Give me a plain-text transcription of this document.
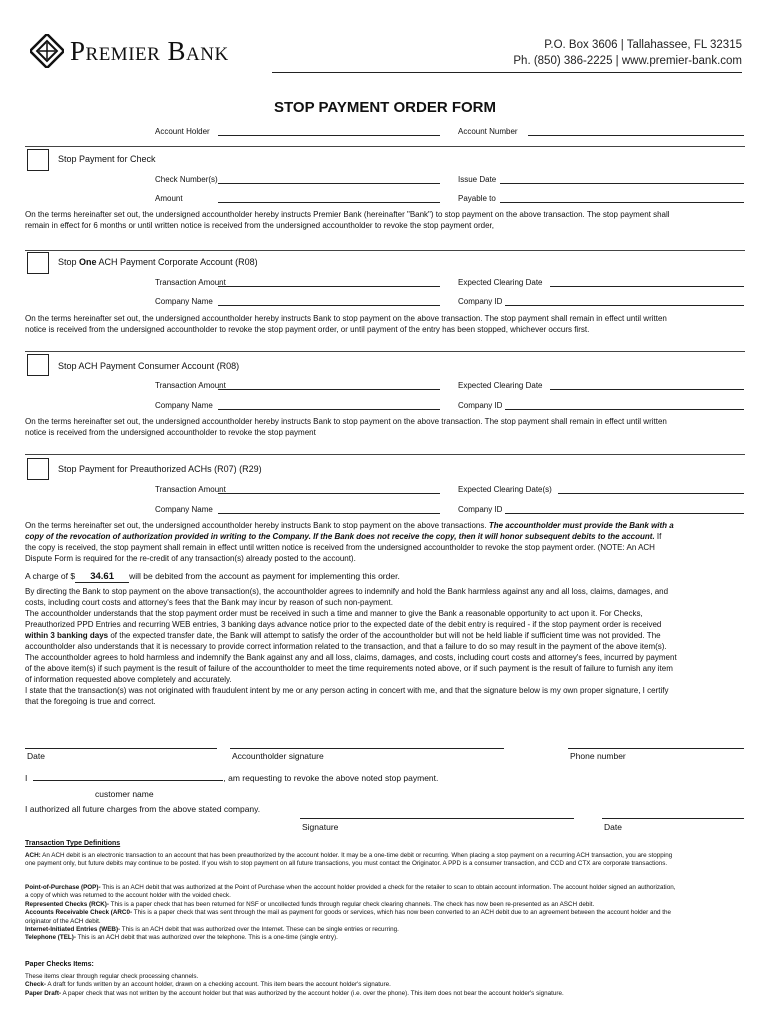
Premier Bank	P.O. Box 3606 | Tallahassee, FL 32315
Ph. (850) 386-2225 | www.premier-bank.com
STOP PAYMENT ORDER FORM
Account Holder	Account Number
Stop Payment for Check
Check Number(s)	Issue Date
Amount	Payable to
On the terms hereinafter set out, the undersigned accountholder hereby instructs Premier Bank (hereinafter "Bank") to stop payment on the above transaction. The stop payment shall
remain in effect for 6 months or until written notice is received from the undersigned accountholder to revoke the stop payment order,
Stop One ACH Payment Corporate Account (R08)
Transaction Amount	Expected Clearing Date
Company Name	Company ID
On the terms hereinafter set out, the undersigned accountholder hereby instructs Bank to stop payment on the above transaction. The stop payment shall remain in effect until written
notice is received from the undersigned accountholder to revoke the stop payment order, or until payment of the entry has been stopped, whichever occurs first.
Stop ACH Payment Consumer Account (R08)
Transaction Amount	Expected Clearing Date
Company Name	Company ID
On the terms hereinafter set out, the undersigned accountholder hereby instructs Bank to stop payment on the above transaction. The stop payment shall remain in effect until written
notice is received from the undersigned accountholder to revoke the stop payment
Stop Payment for Preauthorized ACHs (R07) (R29)
Transaction Amount	Expected Clearing Date(s)
Company Name	Company ID
On the terms hereinafter set out, the undersigned accountholder hereby instructs Bank to stop payment on the above transactions. The accountholder must provide the Bank with a
copy of the revocation of authorization provided in writing to the Company. If the Bank does not receive the copy, then it will honor subsequent debits to the account. If
the copy is received, the stop payment shall remain in effect until written notice is received from the undersigned accountholder to revoke the stop payment order. (NOTE: An ACH
Dispute Form is required for the re-credit of any transaction(s) already posted to the account).
A charge of $ 34.61 will be debited from the account as payment for implementing this order.
By directing the Bank to stop payment on the above transaction(s), the accountholder agrees to indemnify and hold the Bank harmless against any and all loss, claims, damages, and
costs, including court costs and attorney's fees that the Bank may incur by reason of such non-payment.
The accountholder understands that the stop payment order must be received in such a time and manner to give the Bank a reasonable opportunity to act upon it. For Checks,
Preauthorized PPD Entries and recurring WEB entries, 3 banking days advance notice prior to the expected date of the debit entry is required - if the stop payment order is received
within 3 banking days of the expected transfer date, the Bank will attempt to satisfy the order of the accountholder but will not be held liable if sufficient time was not provided. The
accountholder also understands that it is necessary to provide correct information related to the transaction, and that a failure to do so may result in the payment of the above item(s).
The accountholder agrees to hold harmless and indemnify the Bank against any and all loss, claims, damages, and costs, including court costs and attorney's fees, incurred by payment
of the above item(s) if such payment is the result of failure of the accountholder to meet the time requirements noted above, or if such payment is the result of failure to furnish any item
of information requested above completely and accurately.
I state that the transaction(s) was not originated with fraudulent intent by me or any person acting in concert with me, and that the signature below is my own proper signature, I certify
that the foregoing is true and correct.
Date	Accountholder signature	Phone number
I	, am requesting to revoke the above noted stop payment.
customer name
I authorized all future charges from the above stated company.
Signature	Date
Transaction Type Definitions
ACH: An ACH debit is an electronic transaction to an account that has been preauthorized by the account holder. It may be a one-time debit or recurring. When placing a stop payment on a recurring ACH transaction, you are stopping
one payment only, but future debits may continue to be posted. If you wish to stop payment on all future transactions, you must contact the Originator. A PPD is a consumer transaction, and CCD and CTX are corporate transactions.
Point-of-Purchase (POP)- This is an ACH debit that was authorized at the Point of Purchase when the account holder provided a check for the retailer to scan to obtain account information. The account holder signed an authorization,
a copy of which was returned to the account holder with the voided check.
Represented Checks (RCK)- This is a paper check that has been returned for NSF or uncollected funds through regular check clearing channels. The check has now been re-presented as an ASCH debit.
Accounts Receivable Check (ARC0- This is a paper check that was sent through the mail as payment for goods or services, which has now been converted to an ACH debit due to an agreement between the account holder and the
originator of the ACH debit.
Internet-Initiated Entries (WEB)- This is an ACH debit that was authorized over the Internet. These can be single entries or recurring.
Telephone (TEL)- This is an ACH debit that was authorized over the telephone. This is a one-time (single entry).
Paper Checks Items:
These items clear through regular check processing channels.
Check- A draft for funds written by an account holder, drawn on a checking account. This item bears the account holder's signature.
Paper Draft- A paper check that was not written by the account holder but that was authorized by the account holder (i.e. over the phone). This item does not bear the account holder's signature.
